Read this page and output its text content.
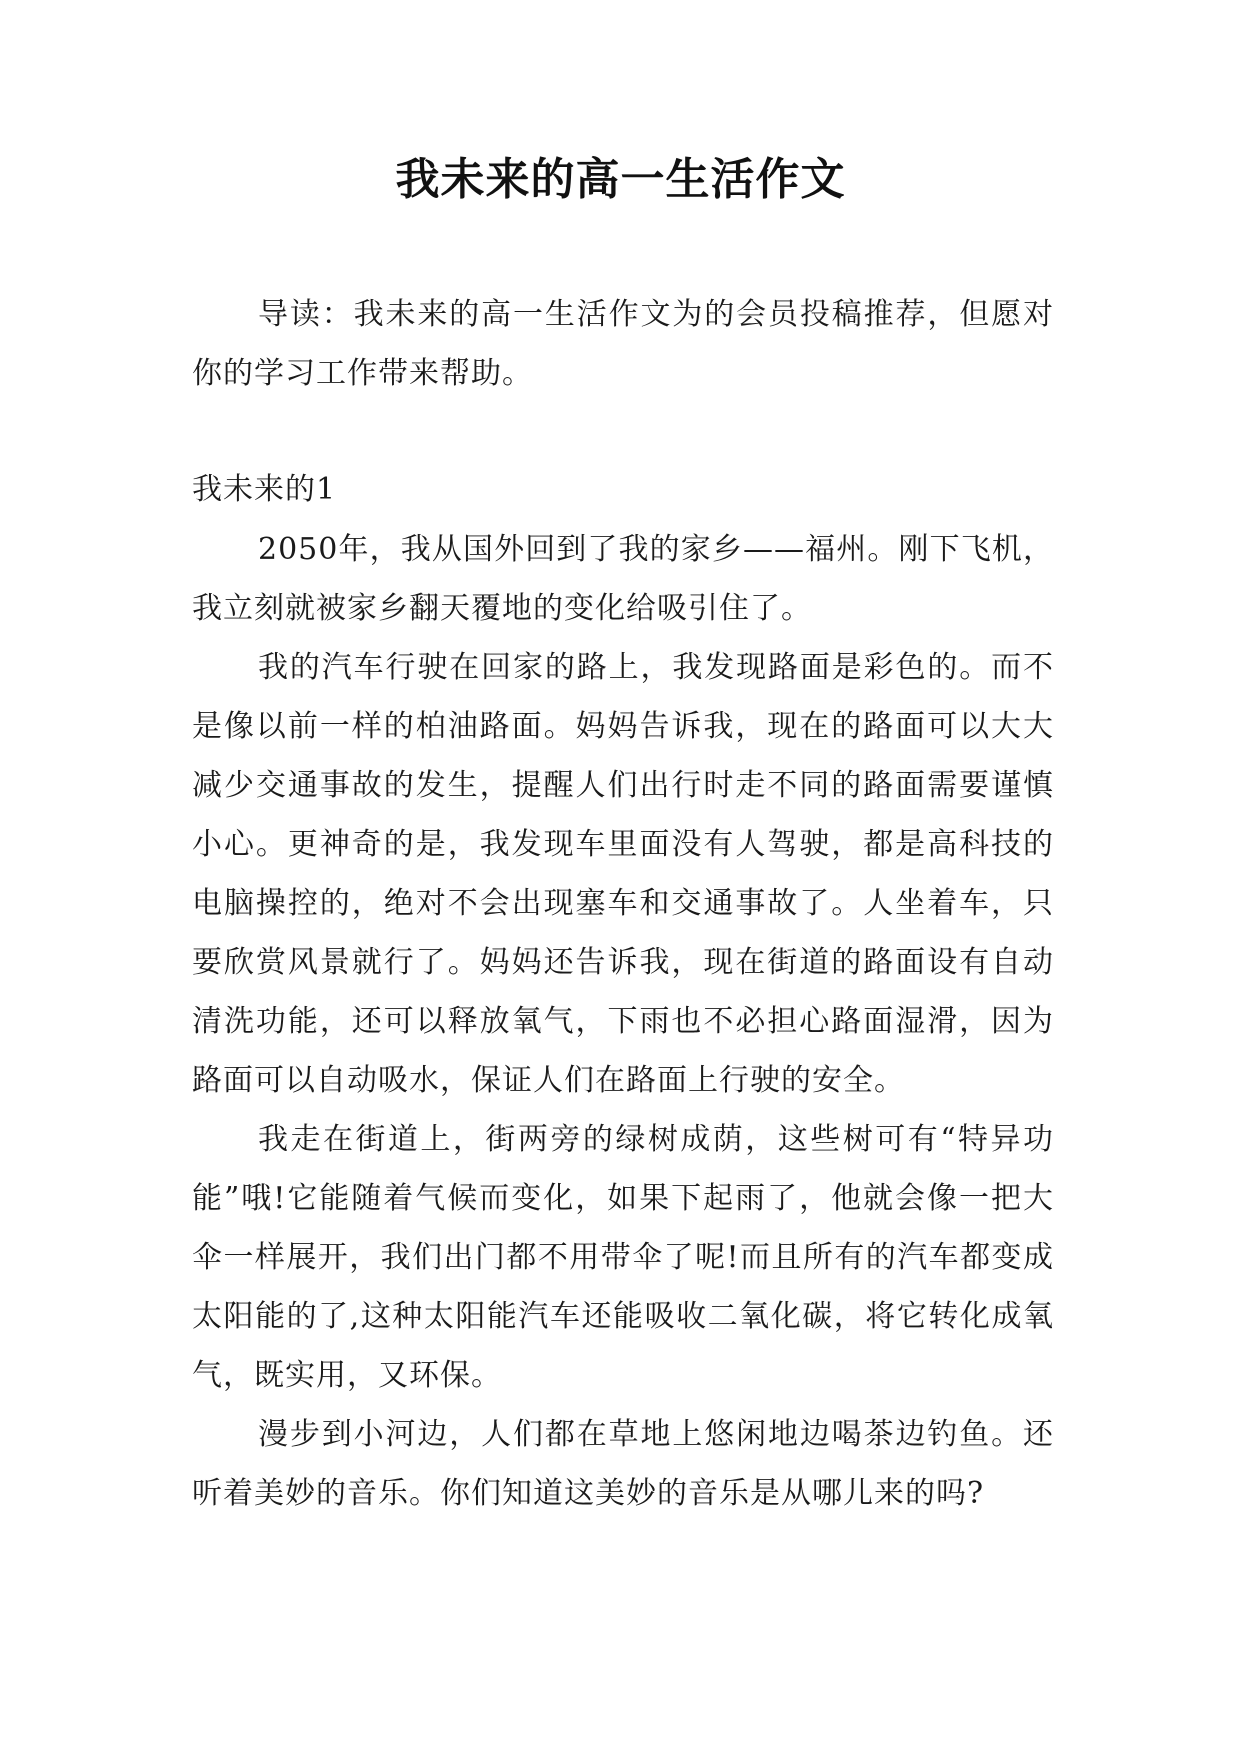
我未来的高一生活作文

导读：我未来的高一生活作文为的会员投稿推荐，但愿对你的学习工作带来帮助。

我未来的1

2050年，我从国外回到了我的家乡——福州。刚下飞机，我立刻就被家乡翻天覆地的变化给吸引住了。

我的汽车行驶在回家的路上，我发现路面是彩色的。而不是像以前一样的柏油路面。妈妈告诉我，现在的路面可以大大减少交通事故的发生，提醒人们出行时走不同的路面需要谨慎小心。更神奇的是，我发现车里面没有人驾驶，都是高科技的电脑操控的，绝对不会出现塞车和交通事故了。人坐着车，只要欣赏风景就行了。妈妈还告诉我，现在街道的路面设有自动清洗功能，还可以释放氧气，下雨也不必担心路面湿滑，因为路面可以自动吸水，保证人们在路面上行驶的安全。

我走在街道上，街两旁的绿树成荫，这些树可有“特异功能”哦!它能随着气候而变化，如果下起雨了，他就会像一把大伞一样展开，我们出门都不用带伞了呢!而且所有的汽车都变成太阳能的了,这种太阳能汽车还能吸收二氧化碳，将它转化成氧气，既实用，又环保。

漫步到小河边，人们都在草地上悠闲地边喝茶边钓鱼。还听着美妙的音乐。你们知道这美妙的音乐是从哪儿来的吗?
